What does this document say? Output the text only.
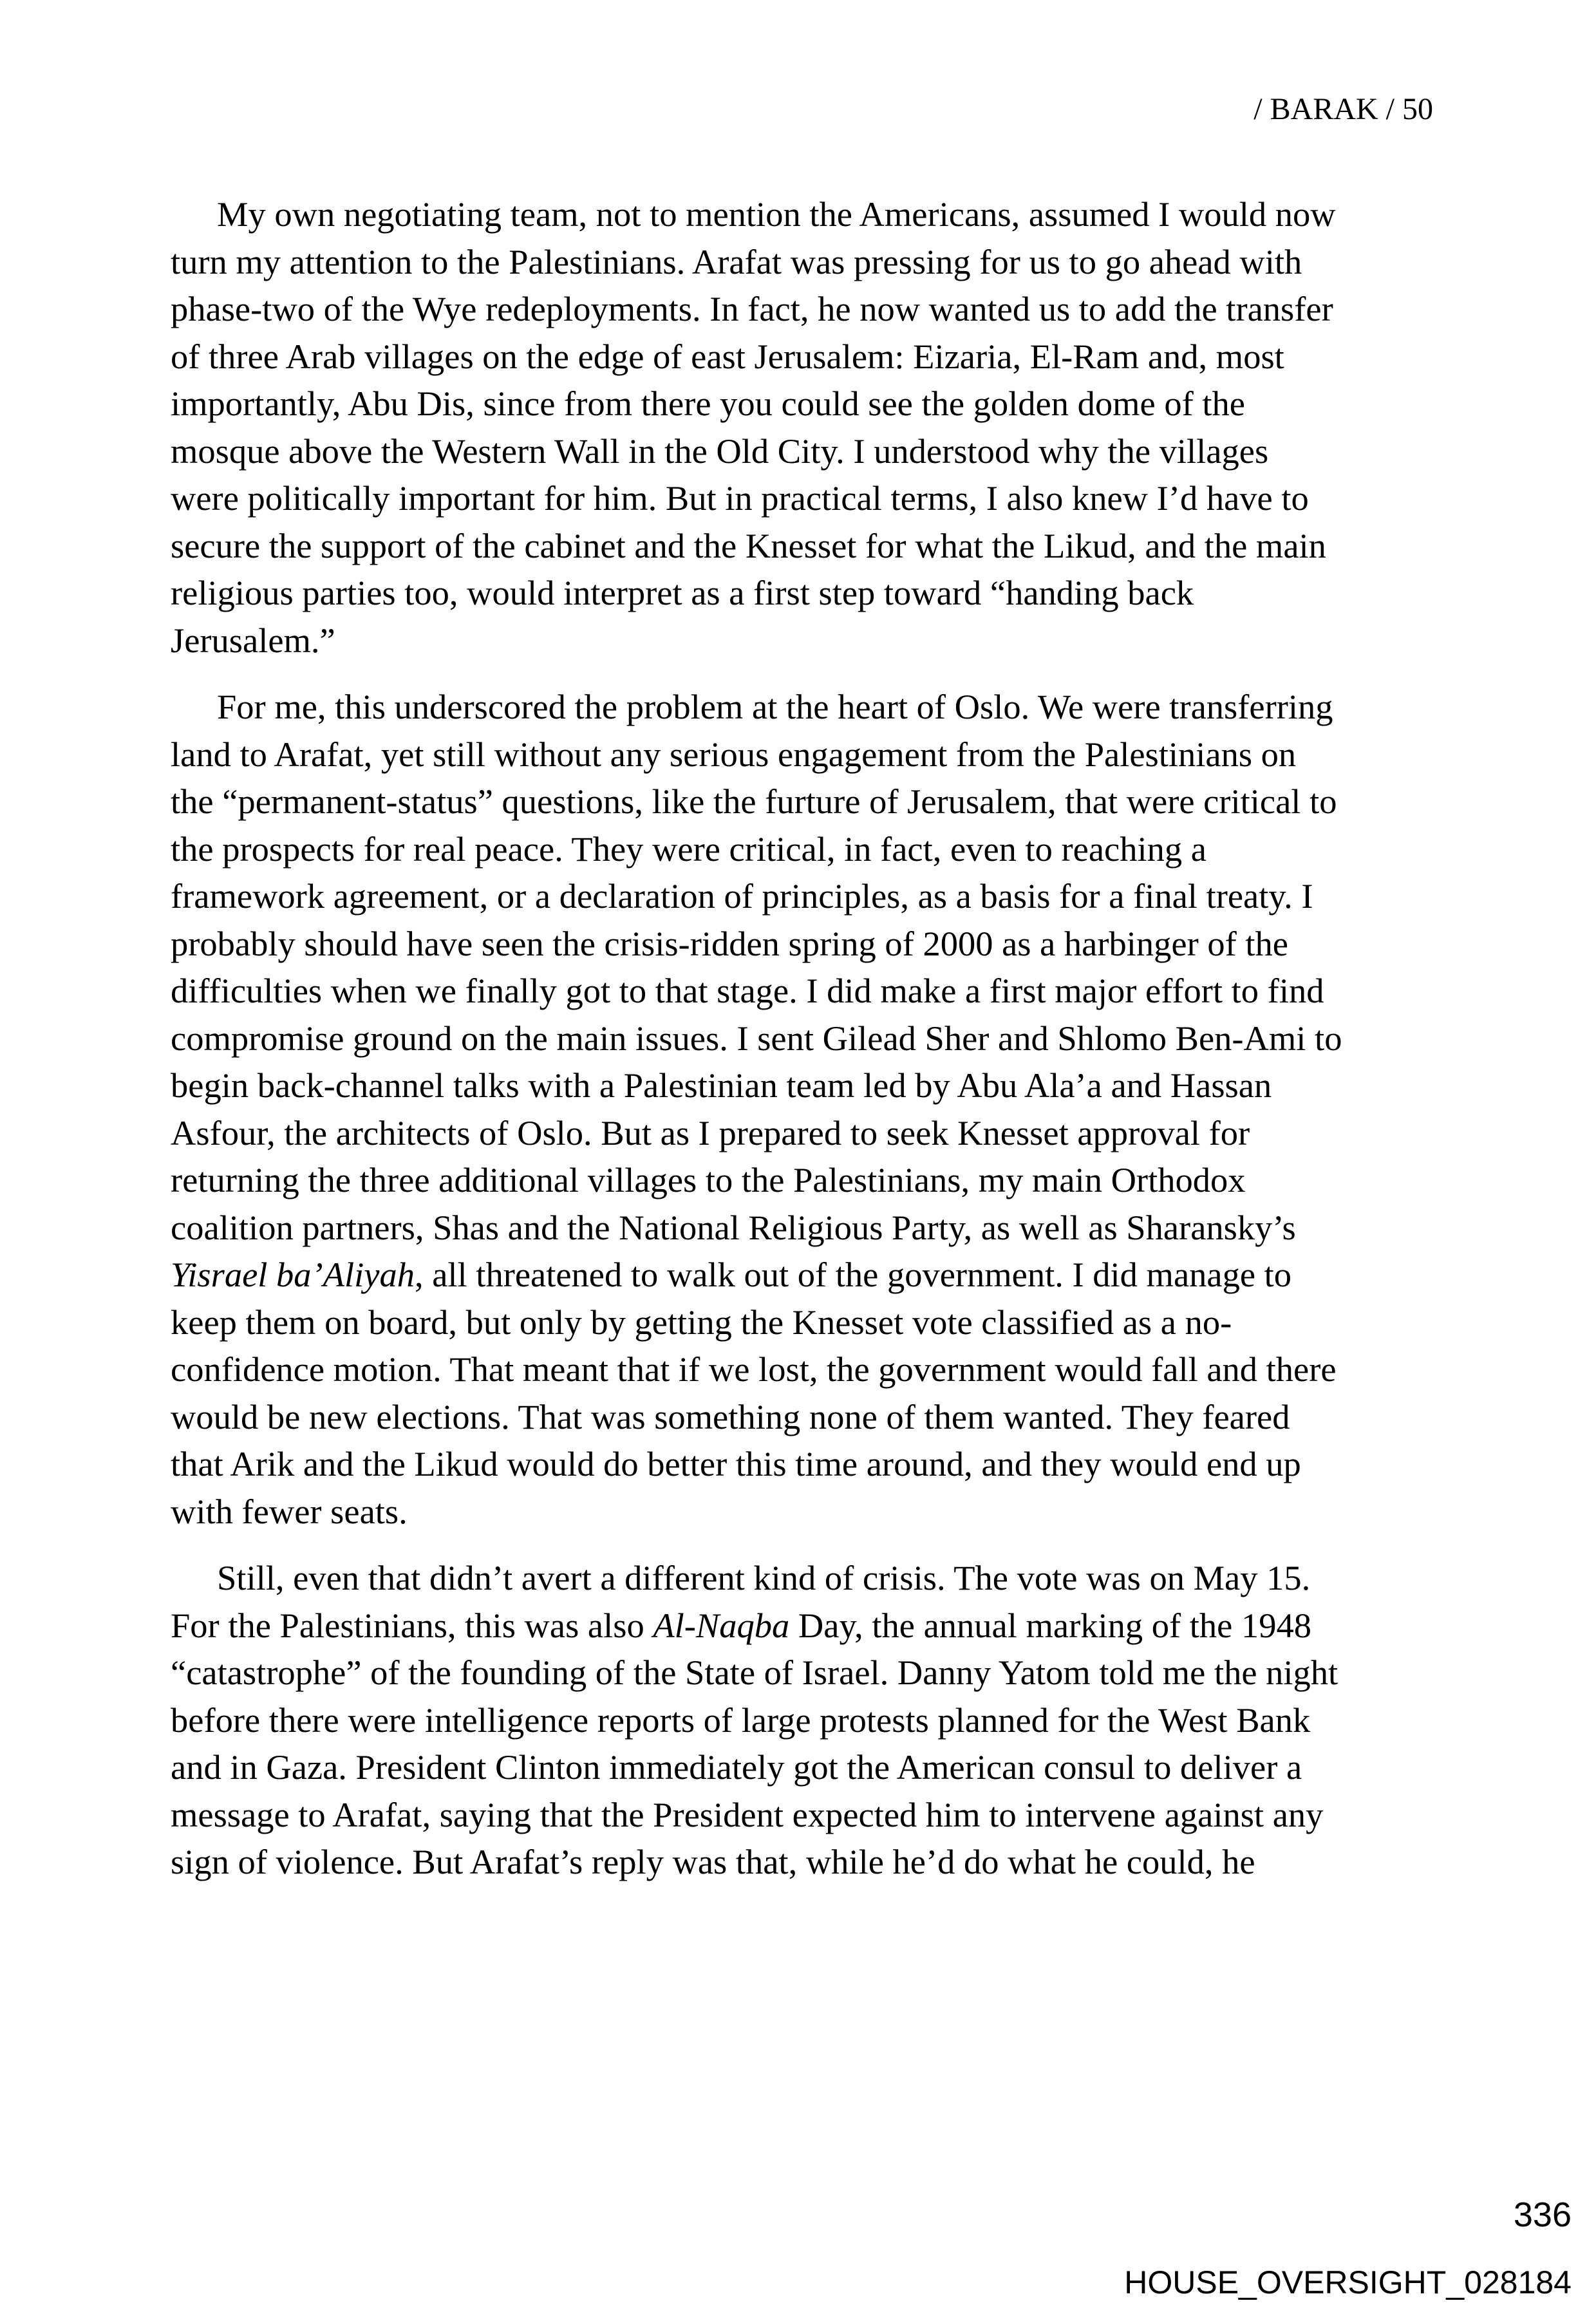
/ BARAK / 50
My own negotiating team, not to mention the Americans, assumed I would now
turn my attention to the Palestinians. Arafat was pressing for us to go ahead with
phase-two of the Wye redeployments. In fact, he now wanted us to add the transfer
of three Arab villages on the edge of east Jerusalem: Eizaria, El-Ram and, most
importantly, Abu Dis, since from there you could see the golden dome of the
mosque above the Western Wall in the Old City. I understood why the villages
were politically important for him. But in practical terms, I also knew I’d have to
secure the support of the cabinet and the Knesset for what the Likud, and the main
religious parties too, would interpret as a first step toward “handing back
Jerusalem.”
For me, this underscored the problem at the heart of Oslo. We were transferring
land to Arafat, yet still without any serious engagement from the Palestinians on
the “permanent-status” questions, like the furture of Jerusalem, that were critical to
the prospects for real peace. They were critical, in fact, even to reaching a
framework agreement, or a declaration of principles, as a basis for a final treaty. I
probably should have seen the crisis-ridden spring of 2000 as a harbinger of the
difficulties when we finally got to that stage. I did make a first major effort to find
compromise ground on the main issues. I sent Gilead Sher and Shlomo Ben-Ami to
begin back-channel talks with a Palestinian team led by Abu Ala’a and Hassan
Asfour, the architects of Oslo. But as I prepared to seek Knesset approval for
returning the three additional villages to the Palestinians, my main Orthodox
coalition partners, Shas and the National Religious Party, as well as Sharansky’s
Yisrael ba’Aliyah, all threatened to walk out of the government. I did manage to
keep them on board, but only by getting the Knesset vote classified as a no-
confidence motion. That meant that if we lost, the government would fall and there
would be new elections. That was something none of them wanted. They feared
that Arik and the Likud would do better this time around, and they would end up
with fewer seats.
Still, even that didn’t avert a different kind of crisis. The vote was on May 15.
For the Palestinians, this was also Al-Naqba Day, the annual marking of the 1948
“catastrophe” of the founding of the State of Israel. Danny Yatom told me the night
before there were intelligence reports of large protests planned for the West Bank
and in Gaza. President Clinton immediately got the American consul to deliver a
message to Arafat, saying that the President expected him to intervene against any
sign of violence. But Arafat’s reply was that, while he’d do what he could, he
336
HOUSE_OVERSIGHT_028184
